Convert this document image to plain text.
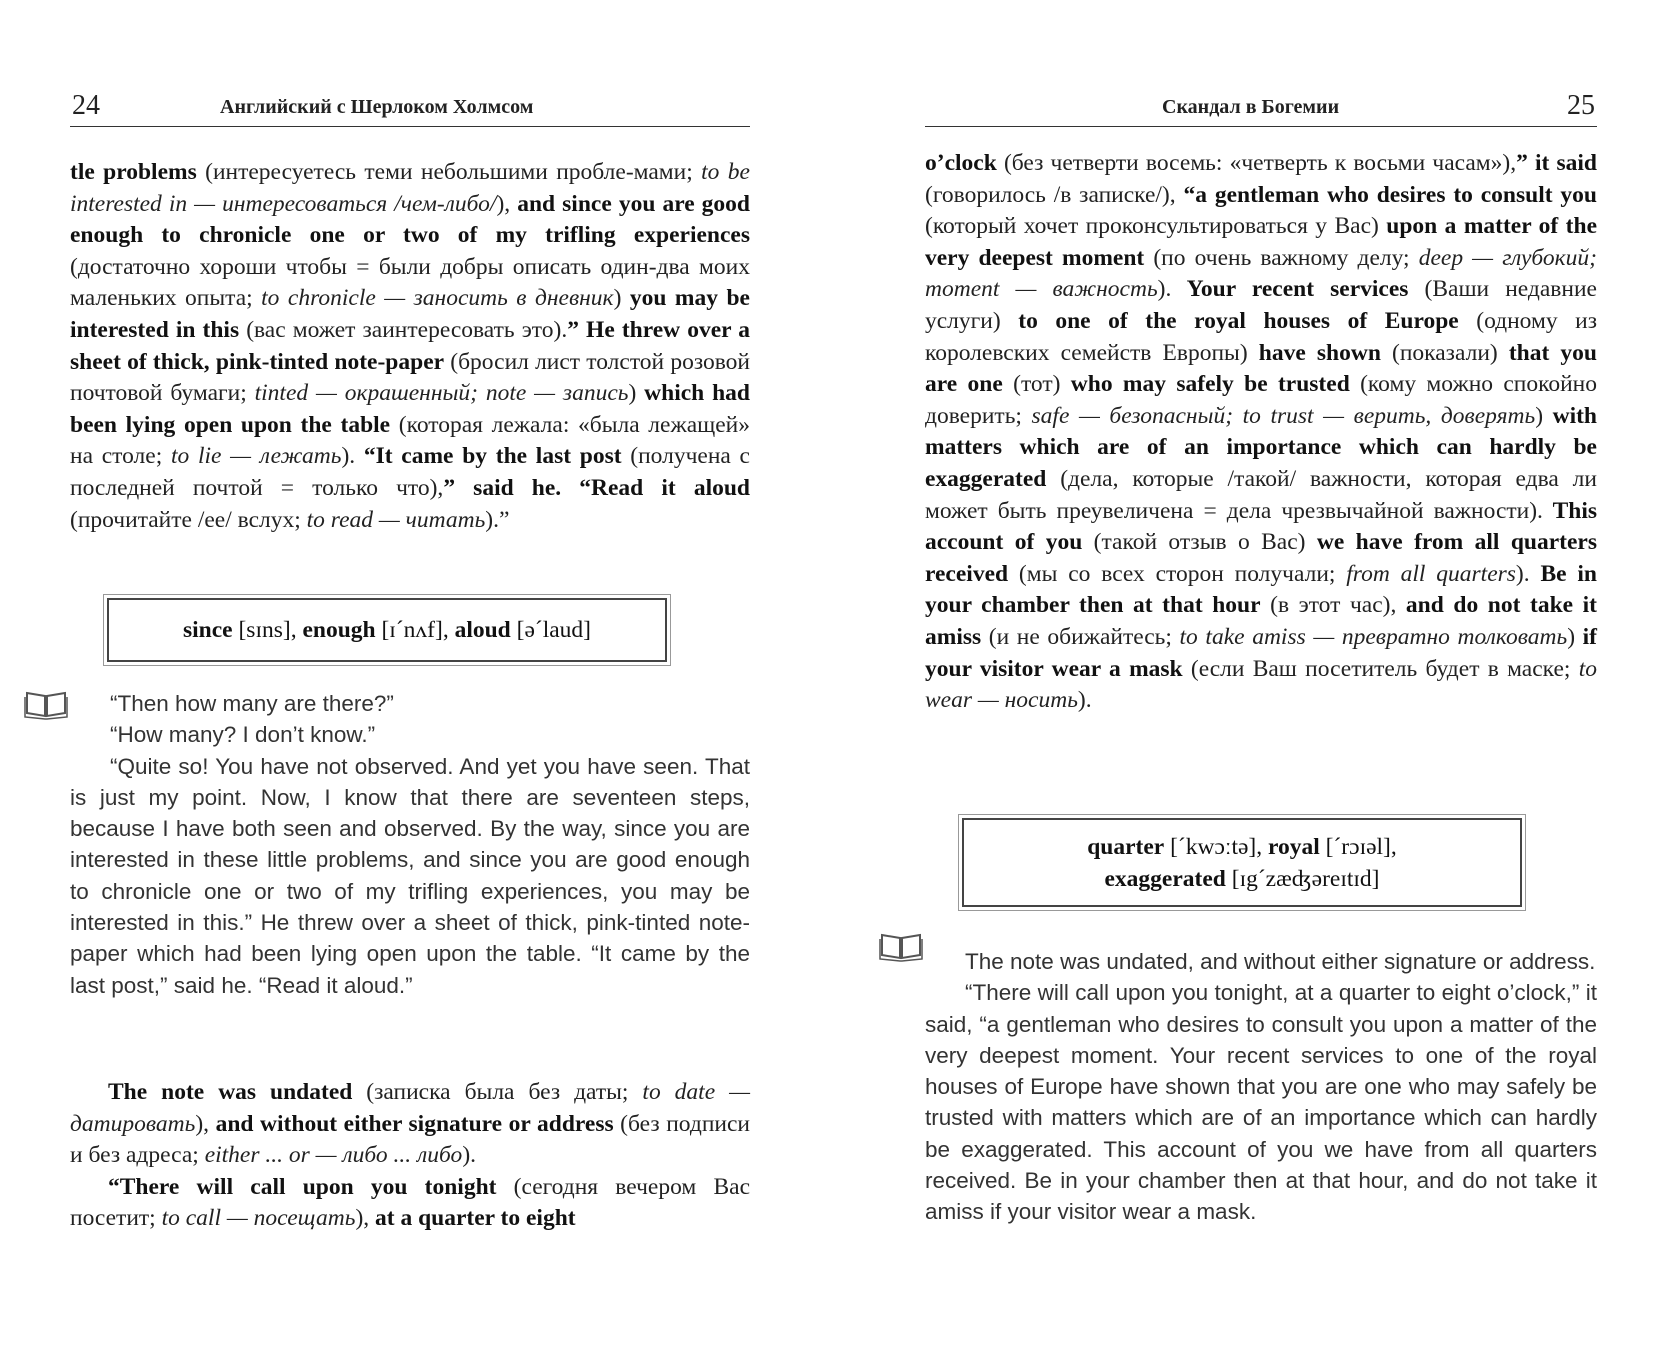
24	Английский с Шерлоком Холмсом

tle problems (интересуетесь теми небольшими пробле-мами; to be interested in — интересоваться /чем-либо/), and since you are good enough to chronicle one or two of my trifling experiences (достаточно хороши чтобы = были добры описать один-два моих маленьких опыта; to chronicle — заносить в дневник) you may be interested in this (вас может заинтересовать это).” He threw over a sheet of thick, pink-tinted note-paper (бросил лист толстой розовой почтовой бумаги; tinted — окрашенный; note — запись) which had been lying open upon the table (которая лежала: «была лежащей» на столе; to lie — лежать). “It came by the last post (получена с последней почтой = только что),” said he. “Read it aloud (прочитайте /ее/ вслух; to read — читать).”

since [sɪns], enough [ɪˊnʌf], aloud [əˊlaud]

“Then how many are there?”

“How many? I don’t know.”

“Quite so! You have not observed. And yet you have seen. That is just my point. Now, I know that there are seventeen steps, because I have both seen and observed. By the way, since you are interested in these little problems, and since you are good enough to chronicle one or two of my trifling experiences, you may be interested in this.” He threw over a sheet of thick, pink-tinted note-paper which had been lying open upon the table. “It came by the last post,” said he. “Read it aloud.”

The note was undated (записка была без даты; to date — датировать), and without either signature or address (без подписи и без адреса; either ... or — либо ... либо).

“There will call upon you tonight (сегодня вечером Вас посетит; to call — посещать), at a quarter to eight

Скандал в Богемии	25

o’clock (без четверти восемь: «четверть к восьми часам»),” it said (говорилось /в записке/), “a gentleman who desires to consult you (который хочет проконсультироваться у Вас) upon a matter of the very deepest moment (по очень важному делу; deep — глубокий; moment — важность). Your recent services (Ваши недавние услуги) to one of the royal houses of Europe (одному из королевских семейств Европы) have shown (показали) that you are one (тот) who may safely be trusted (кому можно спокойно доверить; safe — безопасный; to trust — верить, доверять) with matters which are of an importance which can hardly be exaggerated (дела, которые /такой/ важности, которая едва ли может быть преувеличена = дела чрезвычайной важности). This account of you (такой отзыв о Вас) we have from all quarters received (мы со всех сторон получали; from all quarters). Be in your chamber then at that hour (в этот час), and do not take it amiss (и не обижайтесь; to take amiss — превратно толковать) if your visitor wear a mask (если Ваш посетитель будет в маске; to wear — носить).

quarter [ˊkwɔːtə], royal [ˊrɔɪəl],
exaggerated [ɪgˊzæʤəreɪtɪd]

The note was undated, and without either signature or address.

“There will call upon you tonight, at a quarter to eight o’clock,” it said, “a gentleman who desires to consult you upon a matter of the very deepest moment. Your recent services to one of the royal houses of Europe have shown that you are one who may safely be trusted with matters which are of an importance which can hardly be exaggerated. This account of you we have from all quarters received. Be in your chamber then at that hour, and do not take it amiss if your visitor wear a mask.
